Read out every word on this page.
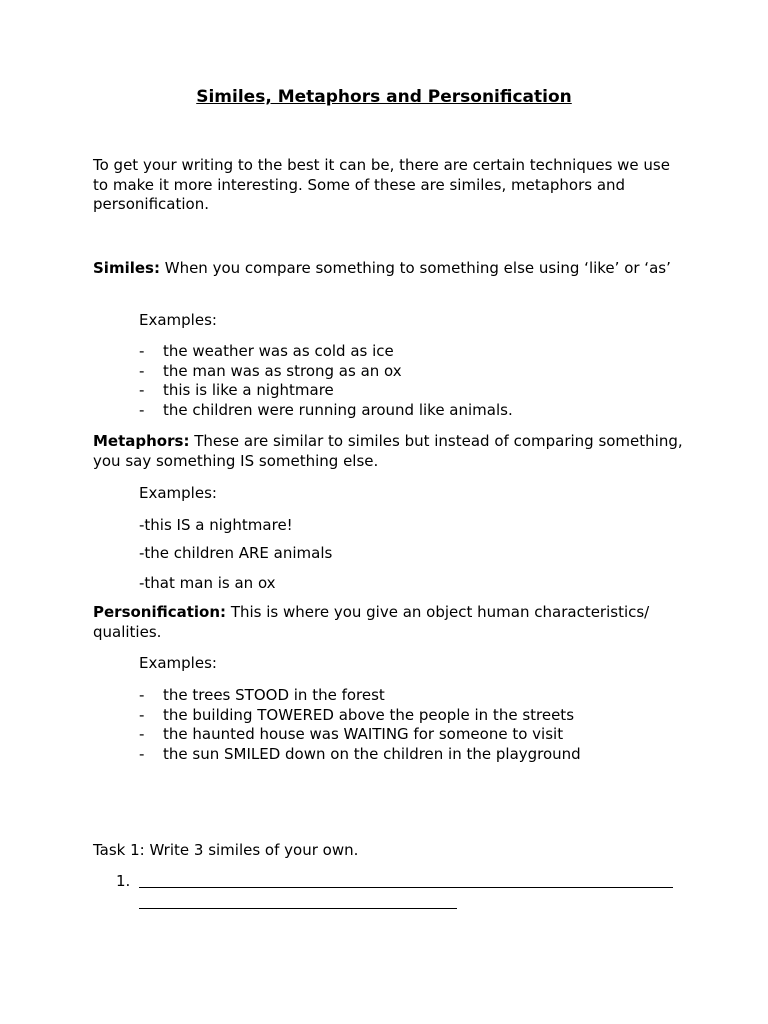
Similes, Metaphors and Personification
To get your writing to the best it can be, there are certain techniques we use to make it more interesting. Some of these are similes, metaphors and personification.
Similes: When you compare something to something else using ‘like’ or ‘as’
Examples:
- the weather was as cold as ice
- the man was as strong as an ox
- this is like a nightmare
- the children were running around like animals.
Metaphors: These are similar to similes but instead of comparing something, you say something IS something else.
Examples:
-this IS a nightmare!
-the children ARE animals
-that man is an ox
Personification: This is where you give an object human characteristics/ qualities.
Examples:
- the trees STOOD in the forest
- the building TOWERED above the people in the streets
- the haunted house was WAITING for someone to visit
- the sun SMILED down on the children in the playground
Task 1: Write 3 similes of your own.
1.
